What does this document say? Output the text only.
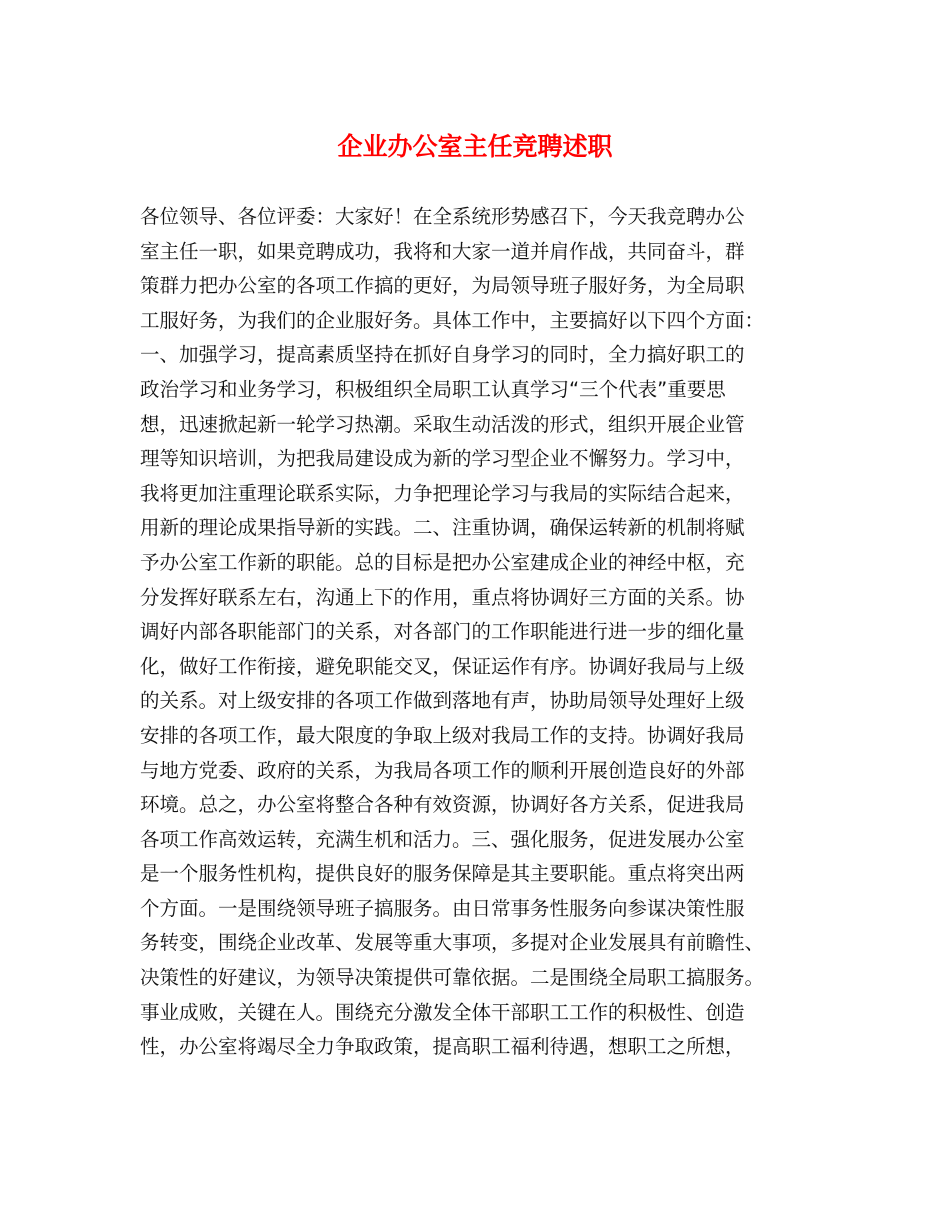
企业办公室主任竞聘述职
各位领导、各位评委：大家好！在全系统形势感召下，今天我竞聘办公
室主任一职，如果竞聘成功，我将和大家一道并肩作战，共同奋斗，群
策群力把办公室的各项工作搞的更好，为局领导班子服好务，为全局职
工服好务，为我们的企业服好务。具体工作中，主要搞好以下四个方面：
一、加强学习，提高素质坚持在抓好自身学习的同时，全力搞好职工的
政治学习和业务学习，积极组织全局职工认真学习“三个代表”重要思
想，迅速掀起新一轮学习热潮。采取生动活泼的形式，组织开展企业管
理等知识培训，为把我局建设成为新的学习型企业不懈努力。学习中，
我将更加注重理论联系实际，力争把理论学习与我局的实际结合起来，
用新的理论成果指导新的实践。二、注重协调，确保运转新的机制将赋
予办公室工作新的职能。总的目标是把办公室建成企业的神经中枢，充
分发挥好联系左右，沟通上下的作用，重点将协调好三方面的关系。协
调好内部各职能部门的关系，对各部门的工作职能进行进一步的细化量
化，做好工作衔接，避免职能交叉，保证运作有序。协调好我局与上级
的关系。对上级安排的各项工作做到落地有声，协助局领导处理好上级
安排的各项工作，最大限度的争取上级对我局工作的支持。协调好我局
与地方党委、政府的关系，为我局各项工作的顺利开展创造良好的外部
环境。总之，办公室将整合各种有效资源，协调好各方关系，促进我局
各项工作高效运转，充满生机和活力。三、强化服务，促进发展办公室
是一个服务性机构，提供良好的服务保障是其主要职能。重点将突出两
个方面。一是围绕领导班子搞服务。由日常事务性服务向参谋决策性服
务转变，围绕企业改革、发展等重大事项，多提对企业发展具有前瞻性、
决策性的好建议，为领导决策提供可靠依据。二是围绕全局职工搞服务。
事业成败，关键在人。围绕充分激发全体干部职工工作的积极性、创造
性，办公室将竭尽全力争取政策，提高职工福利待遇，想职工之所想，
